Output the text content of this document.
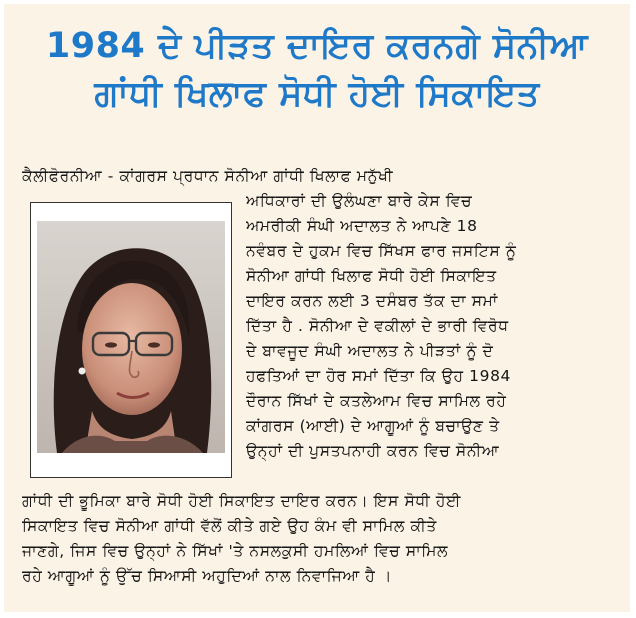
1984 ਦੇ ਪੀੜਤ ਦਾਇਰ ਕਰਨਗੇ ਸੋਨੀਆ
ਗਾਂਧੀ ਖਿਲਾਫ ਸੋਧੀ ਹੋਈ ਸਿਕਾਇਤ
ਕੈਲੀਫੋਰਨੀਆ - ਕਾਂਗਰਸ ਪ੍ਰਧਾਨ ਸੋਨੀਆ ਗਾਂਧੀ ਖਿਲਾਫ ਮਨੁੱਖੀ
ਅਧਿਕਾਰਾਂ ਦੀ ਉਲੰਘਣਾ ਬਾਰੇ ਕੇਸ ਵਿਚ
ਅਮਰੀਕੀ ਸੰਘੀ ਅਦਾਲਤ ਨੇ ਆਪਣੇ 18
ਨਵੰਬਰ ਦੇ ਹੁਕਮ ਵਿਚ ਸਿੱਖਸ ਫਾਰ ਜਸਟਿਸ ਨੂੰ
ਸੋਨੀਆ ਗਾਂਧੀ ਖਿਲਾਫ ਸੋਧੀ ਹੋਈ ਸਿਕਾਇਤ
ਦਾਇਰ ਕਰਨ ਲਈ 3 ਦਸੰਬਰ ਤੱਕ ਦਾ ਸਮਾਂ
ਦਿੱਤਾ ਹੈ . ਸੋਨੀਆ ਦੇ ਵਕੀਲਾਂ ਦੇ ਭਾਰੀ ਵਿਰੋਧ
ਦੇ ਬਾਵਜੂਦ ਸੰਘੀ ਅਦਾਲਤ ਨੇ ਪੀੜਤਾਂ ਨੂੰ ਦੋ
ਹਫਤਿਆਂ ਦਾ ਹੋਰ ਸਮਾਂ ਦਿੱਤਾ ਕਿ ਉਹ 1984
ਦੌਰਾਨ ਸਿੱਖਾਂ ਦੇ ਕਤਲੇਆਮ ਵਿਚ ਸਾਮਿਲ ਰਹੇ
ਕਾਂਗਰਸ (ਆਈ) ਦੇ ਆਗੂਆਂ ਨੂੰ ਬਚਾਉਣ ਤੇ
ਉਨ੍ਹਾਂ ਦੀ ਪੁਸਤਪਨਾਹੀ ਕਰਨ ਵਿਚ ਸੋਨੀਆ
ਗਾਂਧੀ ਦੀ ਭੂਮਿਕਾ ਬਾਰੇ ਸੋਧੀ ਹੋਈ ਸਿਕਾਇਤ ਦਾਇਰ ਕਰਨ। ਇਸ ਸੋਧੀ ਹੋਈ
ਸਿਕਾਇਤ ਵਿਚ ਸੋਨੀਆ ਗਾਂਧੀ ਵੱਲੋਂ ਕੀਤੇ ਗਏ ਉਹ ਕੰਮ ਵੀ ਸਾਮਿਲ ਕੀਤੇ
ਜਾਣਗੇ, ਜਿਸ ਵਿਚ ਉਨ੍ਹਾਂ ਨੇ ਸਿੱਖਾਂ 'ਤੇ ਨਸਲਕੁਸੀ ਹਮਲਿਆਂ ਵਿਚ ਸਾਮਿਲ
ਰਹੇ ਆਗੂਆਂ ਨੂੰ ਉੱਚ ਸਿਆਸੀ ਅਹੁਦਿਆਂ ਨਾਲ ਨਿਵਾਜਿਆ ਹੈ ।
